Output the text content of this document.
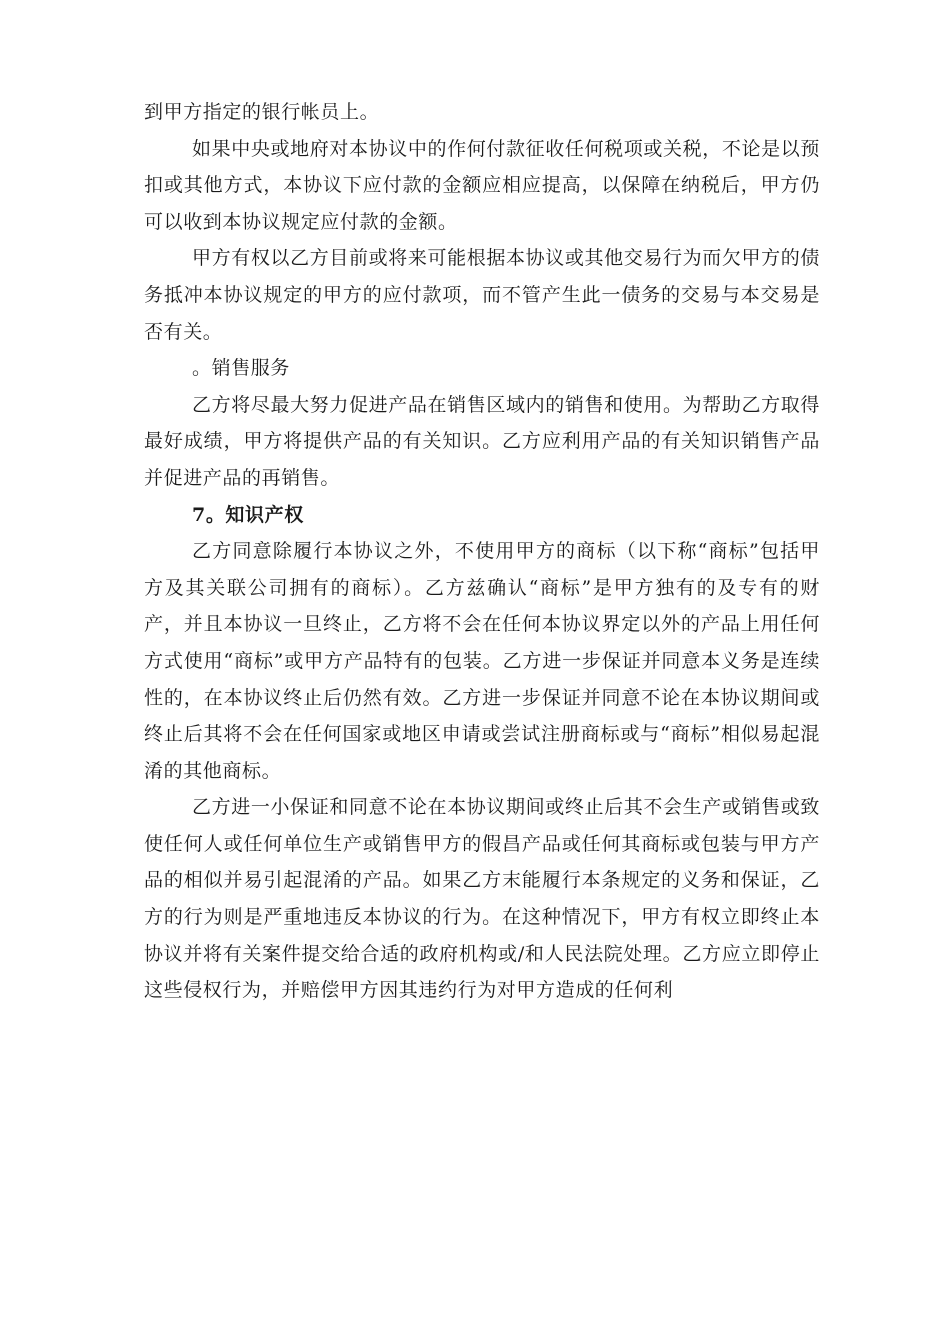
到甲方指定的银行帐员上。

如果中央或地府对本协议中的作何付款征收任何税项或关税，不论是以预扣或其他方式，本协议下应付款的金额应相应提高，以保障在纳税后，甲方仍可以收到本协议规定应付款的金额。

甲方有权以乙方目前或将来可能根据本协议或其他交易行为而欠甲方的债务抵冲本协议规定的甲方的应付款项，而不管产生此一债务的交易与本交易是否有关。

。销售服务

乙方将尽最大努力促进产品在销售区域内的销售和使用。为帮助乙方取得最好成绩，甲方将提供产品的有关知识。乙方应利用产品的有关知识销售产品并促进产品的再销售。

7。知识产权

乙方同意除履行本协议之外，不使用甲方的商标（以下称“商标”包括甲方及其关联公司拥有的商标）。乙方兹确认“商标”是甲方独有的及专有的财产，并且本协议一旦终止，乙方将不会在任何本协议界定以外的产品上用任何方式使用“商标”或甲方产品特有的包装。乙方进一步保证并同意本义务是连续性的，在本协议终止后仍然有效。乙方进一步保证并同意不论在本协议期间或终止后其将不会在任何国家或地区申请或尝试注册商标或与“商标”相似易起混淆的其他商标。

乙方进一小保证和同意不论在本协议期间或终止后其不会生产或销售或致使任何人或任何单位生产或销售甲方的假昌产品或任何其商标或包装与甲方产品的相似并易引起混淆的产品。如果乙方末能履行本条规定的义务和保证，乙方的行为则是严重地违反本协议的行为。在这种情况下，甲方有权立即终止本协议并将有关案件提交给合适的政府机构或/和人民法院处理。乙方应立即停止这些侵权行为，并赔偿甲方因其违约行为对甲方造成的任何利
